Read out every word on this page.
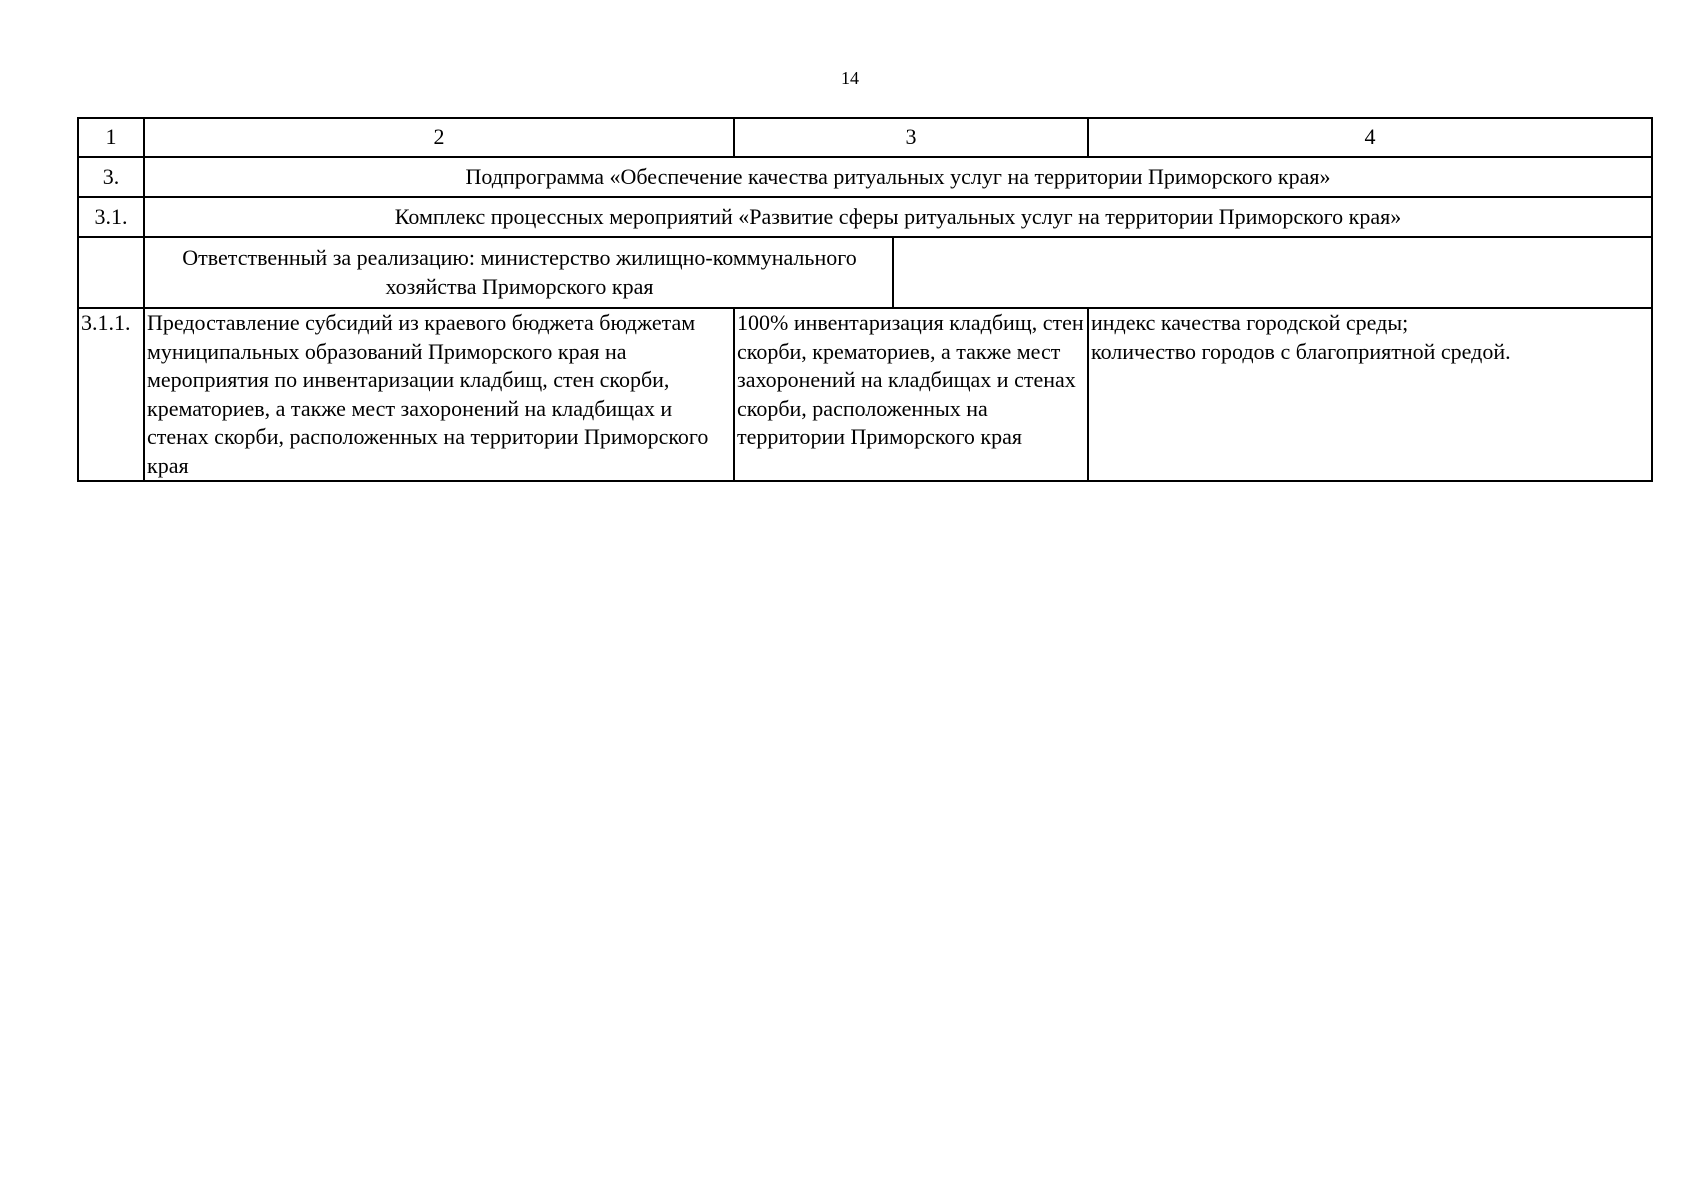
14
1	2	3	4
3.	Подпрограмма «Обеспечение качества ритуальных услуг на территории Приморского края»		
3.1.	Комплекс процессных мероприятий «Развитие сферы ритуальных услуг на территории Приморского края»		

	Ответственный за реализацию: министерство жилищно-коммунального хозяйства Приморского края		

3.1.1.	Предоставление субсидий из краевого бюджета бюджетам муниципальных образований Приморского края на мероприятия по инвентаризации кладбищ, стен скорби, крематориев, а также мест захоронений на кладбищах и стенах скорби, расположенных на территории Приморского края	100% инвентаризация кладбищ, стен скорби, крематориев, а также мест захоронений на кладбищах и стенах скорби, расположенных на территории Приморского края	индекс качества городской среды;
количество городов с благоприятной средой.
